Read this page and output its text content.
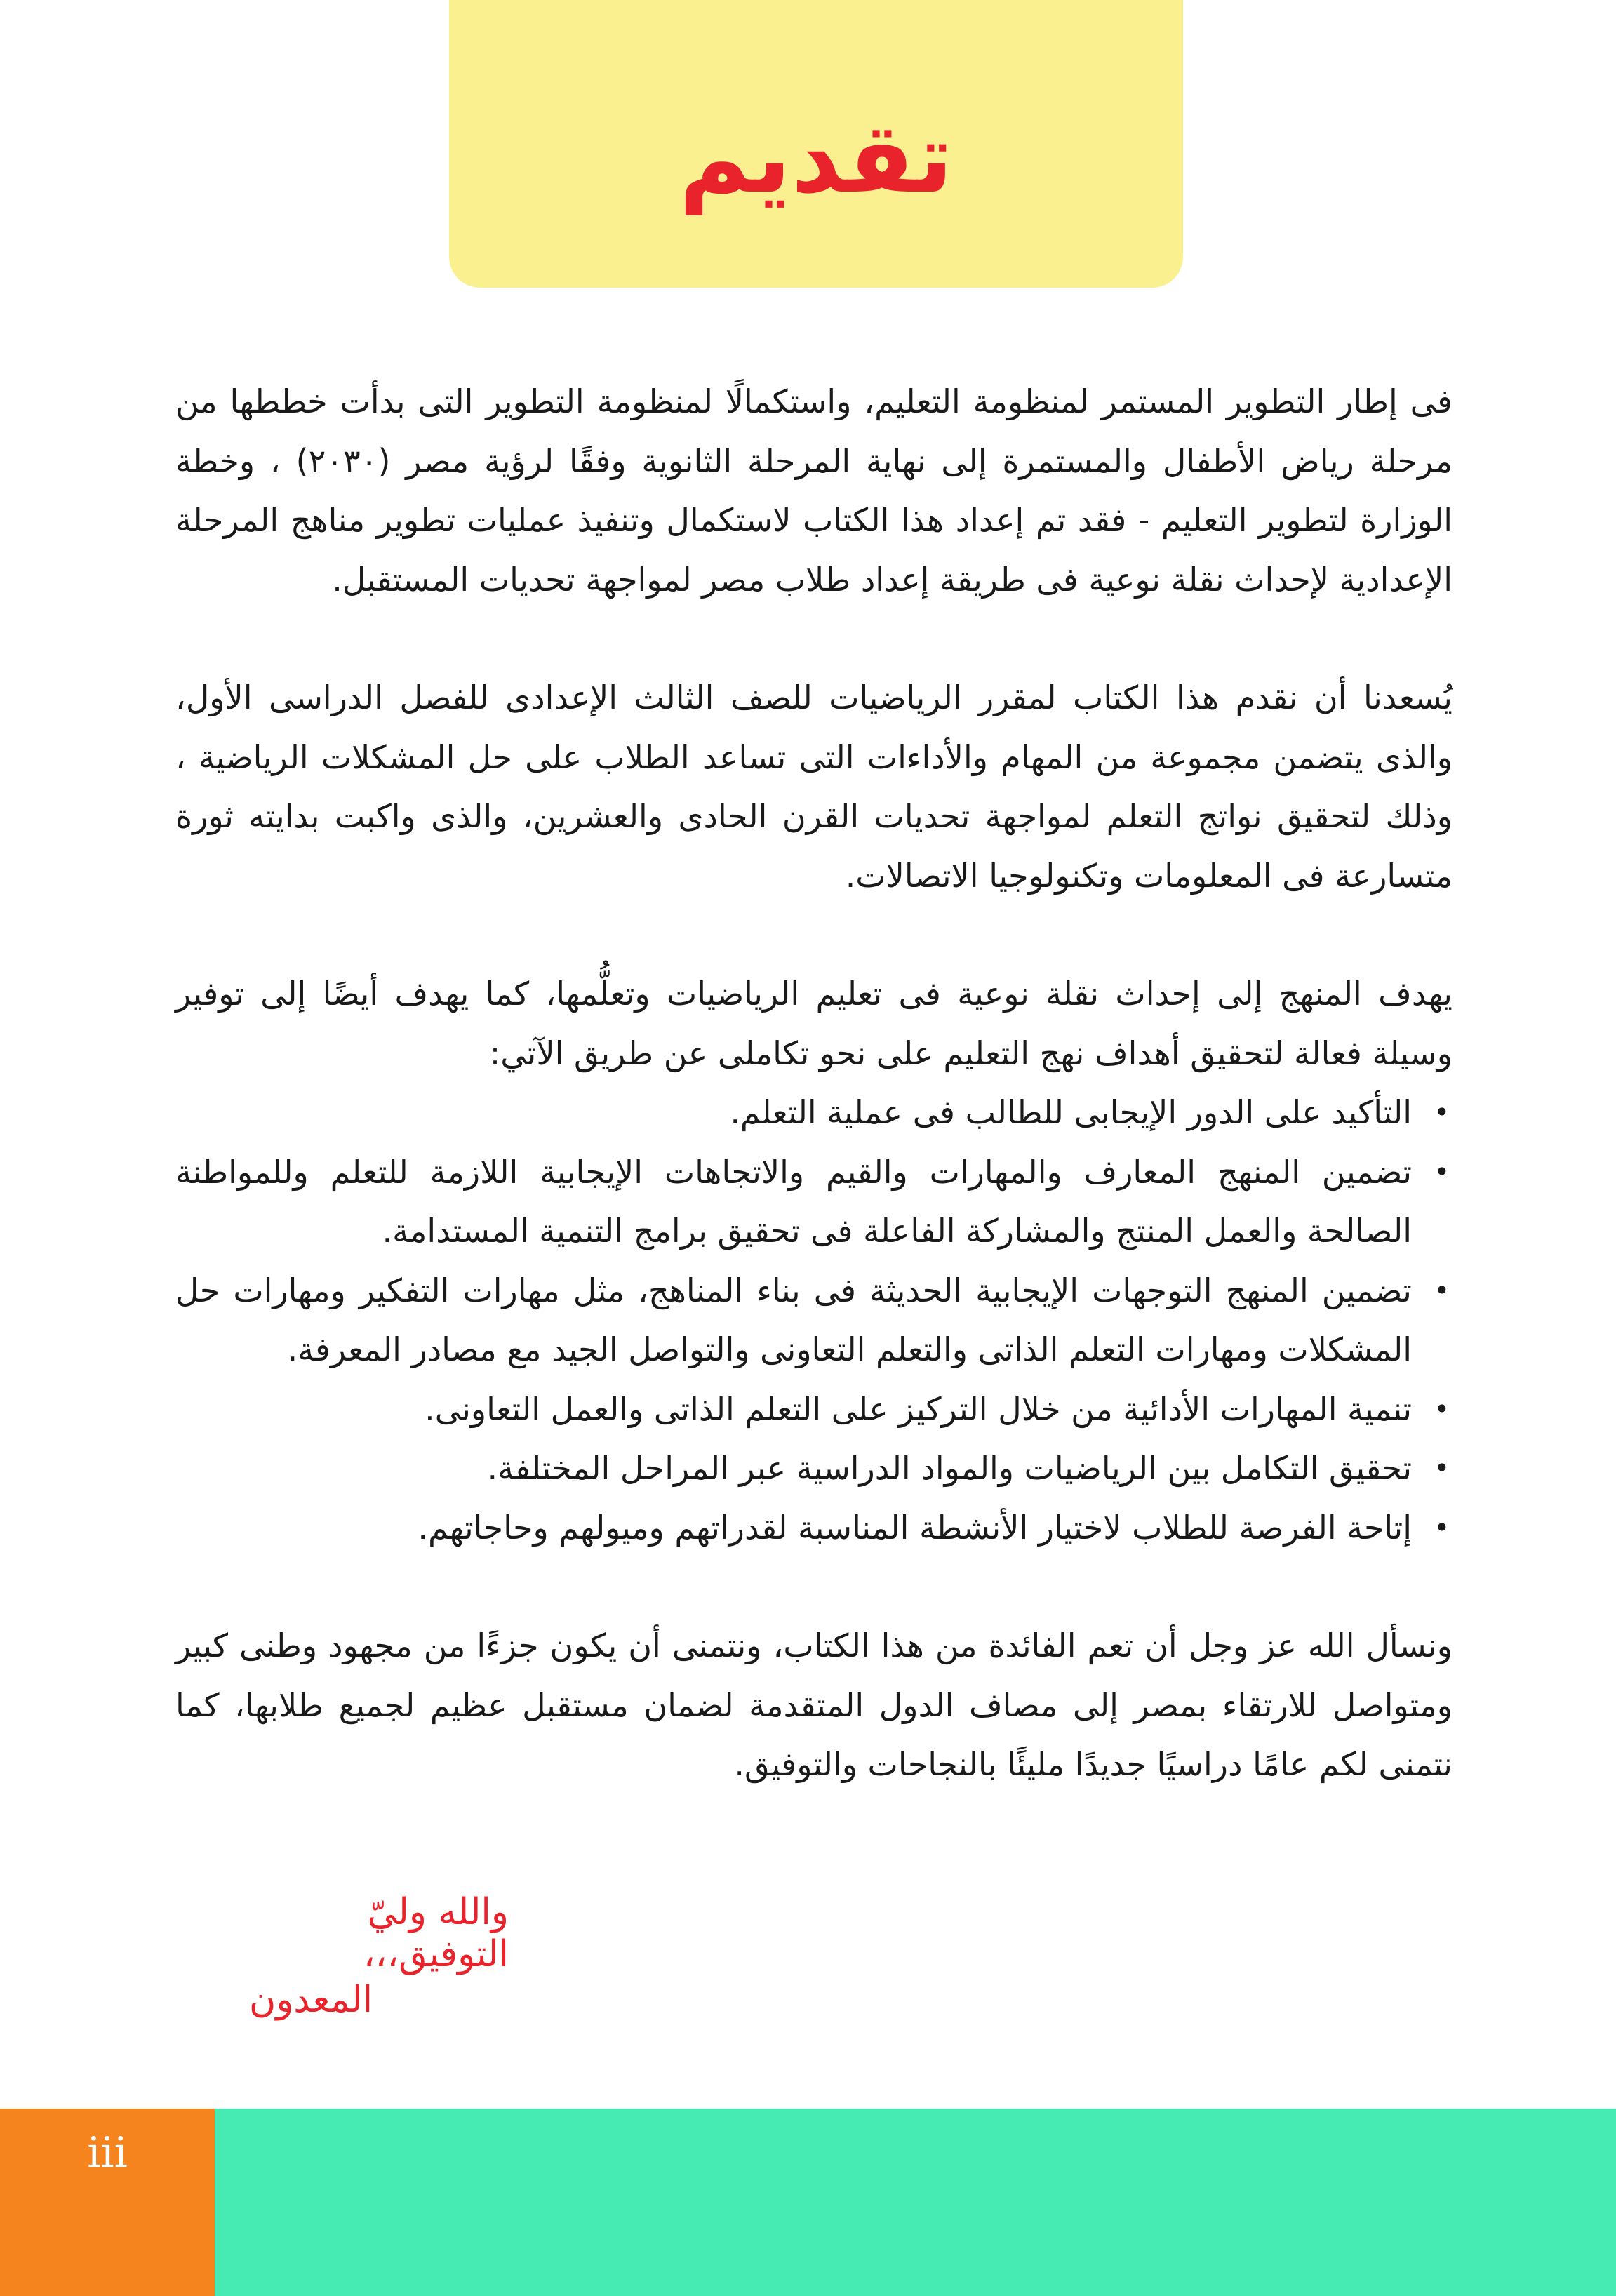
تقديم

فى إطار التطوير المستمر لمنظومة التعليم، واستكمالًا لمنظومة التطوير التى بدأت خططها من مرحلة رياض الأطفال والمستمرة إلى نهاية المرحلة الثانوية وفقًا لرؤية مصر (٢٠٣٠) ، وخطة الوزارة لتطوير التعليم - فقد تم إعداد هذا الكتاب لاستكمال وتنفيذ عمليات تطوير مناهج المرحلة الإعدادية لإحداث نقلة نوعية فى طريقة إعداد طلاب مصر لمواجهة تحديات المستقبل.

يُسعدنا أن نقدم هذا الكتاب لمقرر الرياضيات للصف الثالث الإعدادى للفصل الدراسى الأول، والذى يتضمن مجموعة من المهام والأداءات التى تساعد الطلاب على حل المشكلات الرياضية ، وذلك لتحقيق نواتج التعلم لمواجهة تحديات القرن الحادى والعشرين، والذى واكبت بدايته ثورة متسارعة فى المعلومات وتكنولوجيا الاتصالات.

يهدف المنهج إلى إحداث نقلة نوعية فى تعليم الرياضيات وتعلُّمها، كما يهدف أيضًا إلى توفير وسيلة فعالة لتحقيق أهداف نهج التعليم على نحو تكاملى عن طريق الآتي:

•
التأكيد على الدور الإيجابى للطالب فى عملية التعلم.
•
تضمين المنهج المعارف والمهارات والقيم والاتجاهات الإيجابية اللازمة للتعلم وللمواطنة الصالحة والعمل المنتج والمشاركة الفاعلة فى تحقيق برامج التنمية المستدامة.
•
تضمين المنهج التوجهات الإيجابية الحديثة فى بناء المناهج، مثل مهارات التفكير ومهارات حل المشكلات ومهارات التعلم الذاتى والتعلم التعاونى والتواصل الجيد مع مصادر المعرفة.
•
تنمية المهارات الأدائية من خلال التركيز على التعلم الذاتى والعمل التعاونى.
•
تحقيق التكامل بين الرياضيات والمواد الدراسية عبر المراحل المختلفة.
•
إتاحة الفرصة للطلاب لاختيار الأنشطة المناسبة لقدراتهم وميولهم وحاجاتهم.

ونسأل الله عز وجل أن تعم الفائدة من هذا الكتاب، ونتمنى أن يكون جزءًا من مجهود وطنى كبير ومتواصل للارتقاء بمصر إلى مصاف الدول المتقدمة لضمان مستقبل عظيم لجميع طلابها، كما نتمنى لكم عامًا دراسيًا جديدًا مليئًا بالنجاحات والتوفيق.

والله وليّ التوفيق،،،
المعدون
iii
